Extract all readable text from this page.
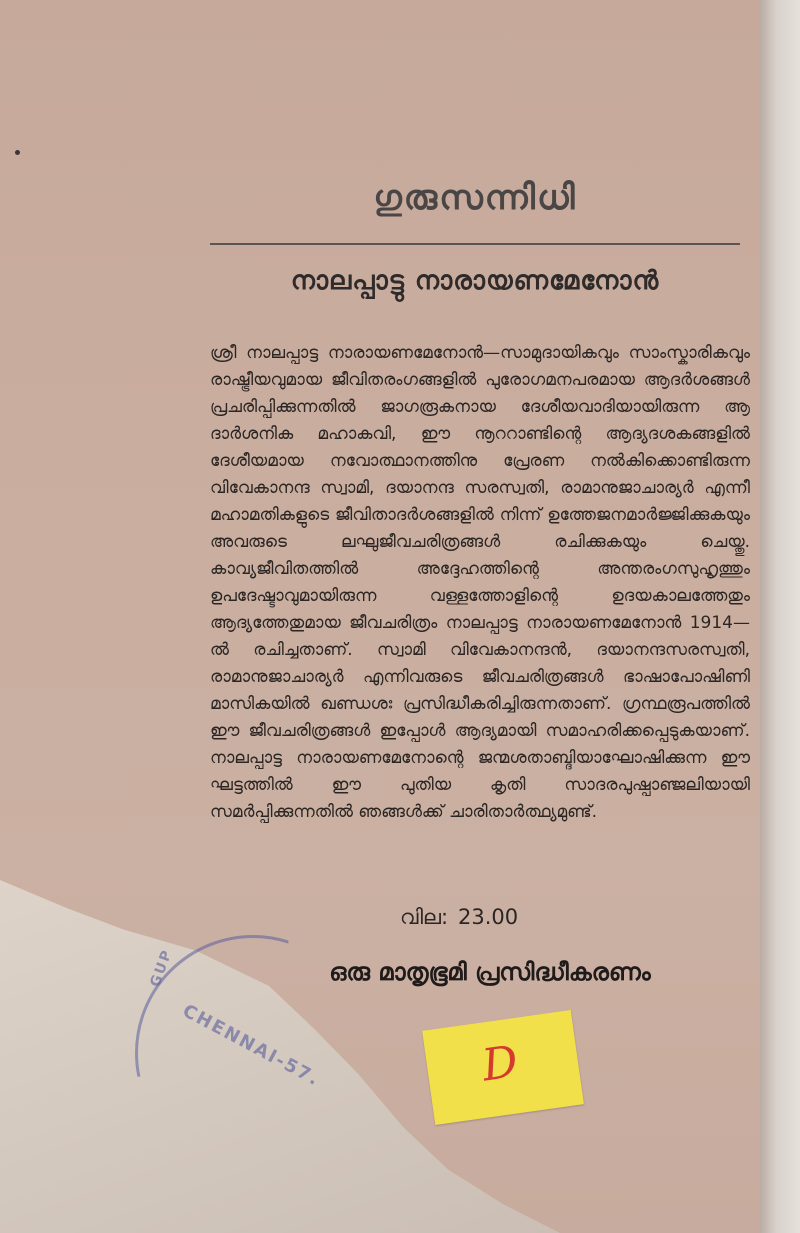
ഗുരുസന്നിധി
നാലപ്പാട്ടു നാരായണമേനോൻ
ശ്രീ നാലപ്പാട്ട നാരായണമേനോൻ—സാമുദായികവും സാംസ്കാരികവും രാഷ്ട്രീയവുമായ ജീവിതരംഗങ്ങളിൽ പുരോഗമനപരമായ ആദർശങ്ങൾ പ്രചരിപ്പിക്കുന്നതിൽ ജാഗരൂകനായ ദേശീയവാദിയായിരുന്ന ആ ദാർശനിക മഹാകവി, ഈ നൂററാണ്ടിന്റെ ആദ്യദശകങ്ങളിൽ ദേശീയമായ നവോത്ഥാനത്തിനു പ്രേരണ നൽകിക്കൊണ്ടിരുന്ന വിവേകാനന്ദ സ്വാമി, ദയാനന്ദ സരസ്വതി, രാമാനുജാചാര്യർ എന്നീ മഹാമതികളുടെ ജീവിതാദർശങ്ങളിൽ നിന്ന് ഉത്തേജനമാർജ്ജിക്കുകയും അവരുടെ ലഘുജീവചരിത്രങ്ങൾ രചിക്കുകയും ചെയ്തു. കാവ്യജീവിതത്തിൽ അദ്ദേഹത്തിന്റെ അന്തരംഗസുഹൃത്തും ഉപദേഷ്ടാവുമായിരുന്ന വള്ളത്തോളിന്റെ ഉദയകാലത്തേതും ആദ്യത്തേതുമായ ജീവചരിത്രം നാലപ്പാട്ട നാരായണമേനോൻ 1914—ൽ രചിച്ചതാണ്. സ്വാമി വിവേകാനന്ദൻ, ദയാനന്ദസരസ്വതി, രാമാനുജാചാര്യർ എന്നിവരുടെ ജീവചരിത്രങ്ങൾ ഭാഷാപോഷിണി മാസികയിൽ ഖണ്ഡശഃ പ്രസിദ്ധീകരിച്ചിരുന്നതാണ്. ഗ്രന്ഥരൂപത്തിൽ ഈ ജീവചരിത്രങ്ങൾ ഇപ്പോൾ ആദ്യമായി സമാഹരിക്കപ്പെടുകയാണ്. നാലപ്പാട്ട നാരായണമേനോന്റെ ജന്മശതാബ്ദിയാഘോഷിക്കുന്ന ഈ ഘട്ടത്തിൽ ഈ പുതിയ കൃതി സാദരപുഷ്പാഞ്ജലിയായി സമർപ്പിക്കുന്നതിൽ ഞങ്ങൾക്ക് ചാരിതാർത്ഥ്യമുണ്ട്.
GUP
CHENNAI-57.
വില: 23.00
ഒരു മാതൃഭൂമി പ്രസിദ്ധീകരണം
D
